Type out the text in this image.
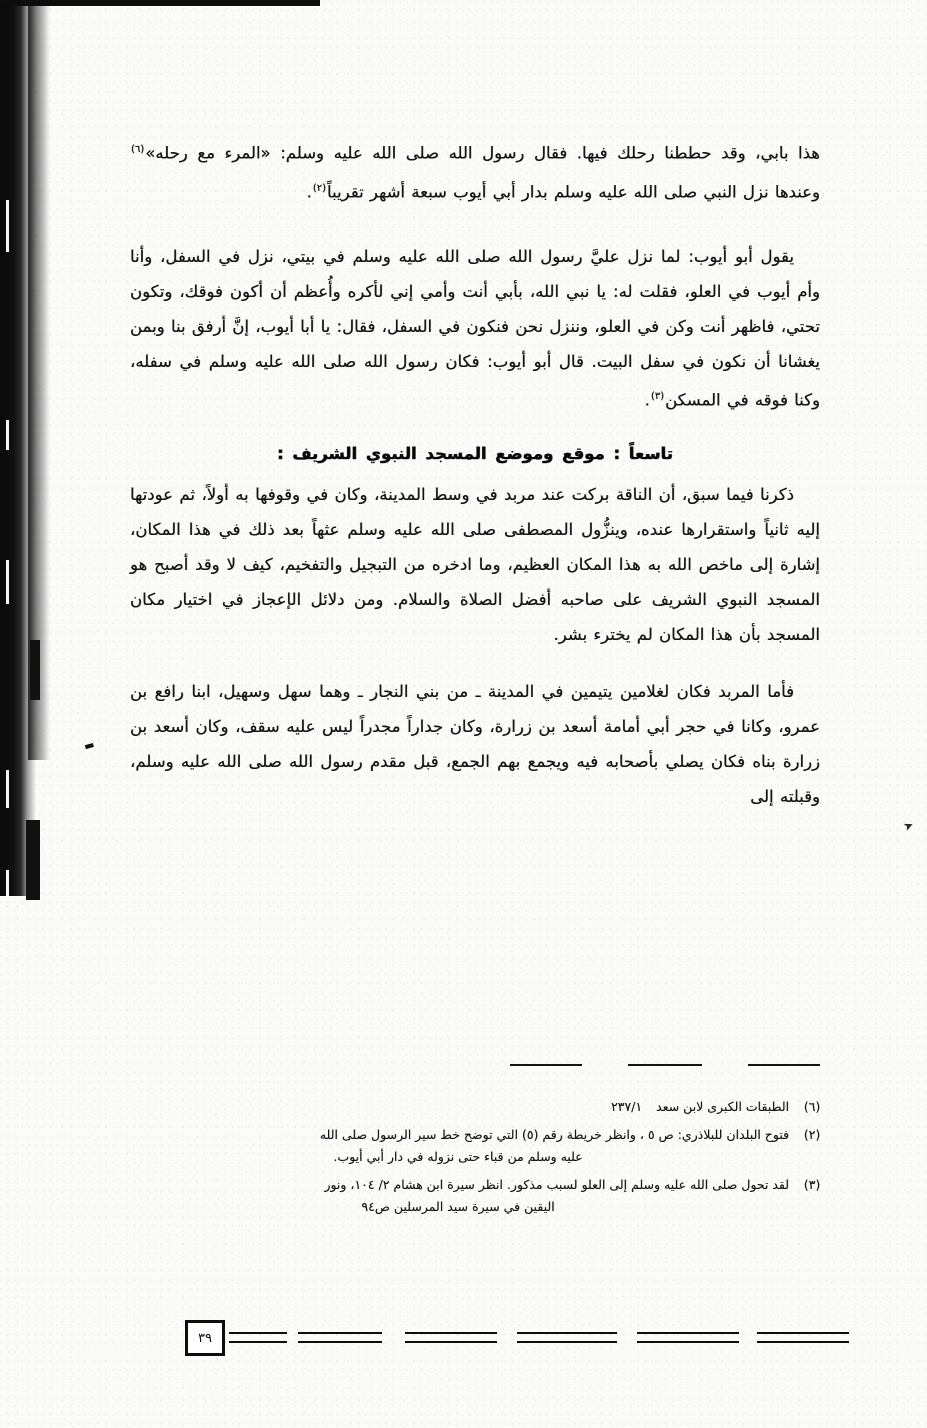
▬
➤

هذا بابي، وقد حططنا رحلك فيها. فقال رسول الله صلى الله عليه وسلم: «المرء مع رحله»$^{(٦)}$ وعندها نزل النبي صلى الله عليه وسلم بدار أبي أيوب سبعة أشهر تقريباً$^{(٢)}$.

يقول أبو أيوب: لما نزل عليَّ رسول الله صلى الله عليه وسلم في بيتي، نزل في السفل، وأنا وأم أيوب في العلو، فقلت له: يا نبي الله، بأبي أنت وأمي إني لأكره وأُعظم أن أكون فوقك، وتكون تحتي، فاظهر أنت وكن في العلو، وننزل نحن فنكون في السفل، فقال: يا أبا أيوب، إنَّ أرفق بنا وبمن يغشانا أن نكون في سفل البيت. قال أبو أيوب: فكان رسول الله صلى الله عليه وسلم في سفله، وكنا فوقه في المسكن$^{(٣)}$.

تاسعاً : موقع وموضع المسجد النبوي الشريف :

ذكرنا فيما سبق، أن الناقة بركت عند مربد في وسط المدينة، وكان في وقوفها به أولاً، ثم عودتها إليه ثانياً واستقرارها عنده، وينزُّول المصطفى صلى الله عليه وسلم عثهاً بعد ذلك في هذا المكان، إشارة إلى ماخص الله به هذا المكان العظيم، وما ادخره من التبجيل والتفخيم، كيف لا وقد أصبح هو المسجد النبوي الشريف على صاحبه أفضل الصلاة والسلام. ومن دلائل الإعجاز في اختيار مكان المسجد بأن هذا المكان لم يخترء بشر.

فأما المربد فكان لغلامين يتيمين في المدينة ـ من بني النجار ـ وهما سهل وسهيل، ابنا رافع بن عمرو، وكانا في حجر أبي أمامة أسعد بن زرارة، وكان جداراً مجدراً ليس عليه سقف، وكان أسعد بن زرارة بناه فكان يصلي بأصحابه فيه ويجمع بهم الجمع، قبل مقدم رسول الله صلى الله عليه وسلم، وقبلته إلى

(٦)
الطبقات الكبرى لابن سعد٢٣٧/١
(٢)
فتوح البلدان للبلاذري: ص ٥ ، وانظر خريطة رقم (٥) التي توضح خط سير الرسول صلى الله
عليه وسلم من قباء حتى نزوله في دار أبي أيوب.
(٣)
لقد تحول صلى الله عليه وسلم إلى العلو لسبب مذكور. انظر سيرة ابن هشام ٢/ ١٠٤، ونور
اليقين في سيرة سيد المرسلين ص٩٤
٣٩
